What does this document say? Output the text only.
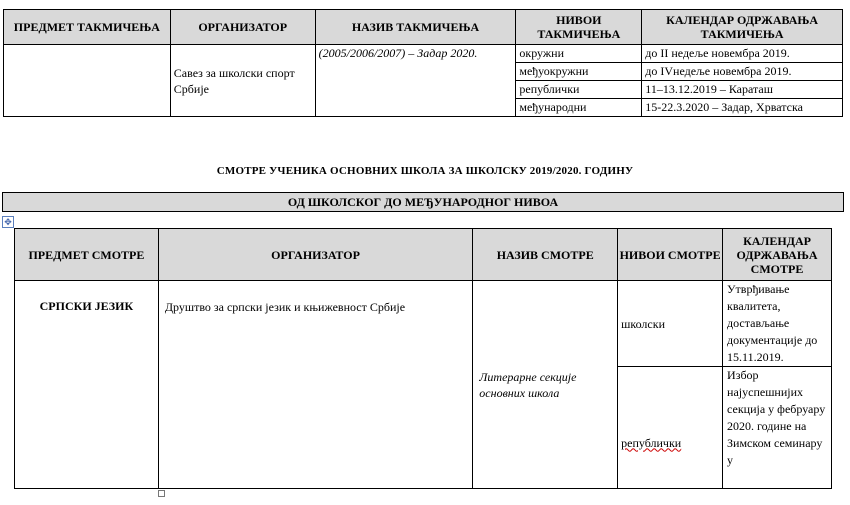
ПРЕДМЕТ ТАКМИЧЕЊА	ОРГАНИЗАТОР	НАЗИВ ТАКМИЧЕЊА	НИВОИ ТАКМИЧЕЊА	КАЛЕНДАР ОДРЖАВАЊА ТАКМИЧЕЊА
	Савез за школски спорт Србије	(2005/2006/2007) – Задар 2020.	окружни	до II недеље новембра 2019.
			међуокружни	до IVнедеље новембра 2019.
			републички	11–13.12.2019 – Караташ
			међународни	15-22.3.2020 – Задар, Хрватска
СМОТРЕ УЧЕНИКА ОСНОВНИХ ШКОЛА ЗА ШКОЛСКУ 2019/2020. ГОДИНУ
ОД ШКОЛСКОГ ДО МЕЂУНАРОДНОГ НИВОА
✥
ПРЕДМЕТ СМОТРЕ	ОРГАНИЗАТОР	НАЗИВ СМОТРЕ	НИВОИ СМОТРЕ	КАЛЕНДАР ОДРЖАВАЊА СМОТРЕ
СРПСКИ ЈЕЗИК	Друштво за српски језик и књижевност Србије	Литерарне секције основних школа	школски	Утврђивање квалитета, достављање документације до 15.11.2019.
			републички	Избор најуспешнијих секција у фебруару 2020. године на Зимском семинару у
